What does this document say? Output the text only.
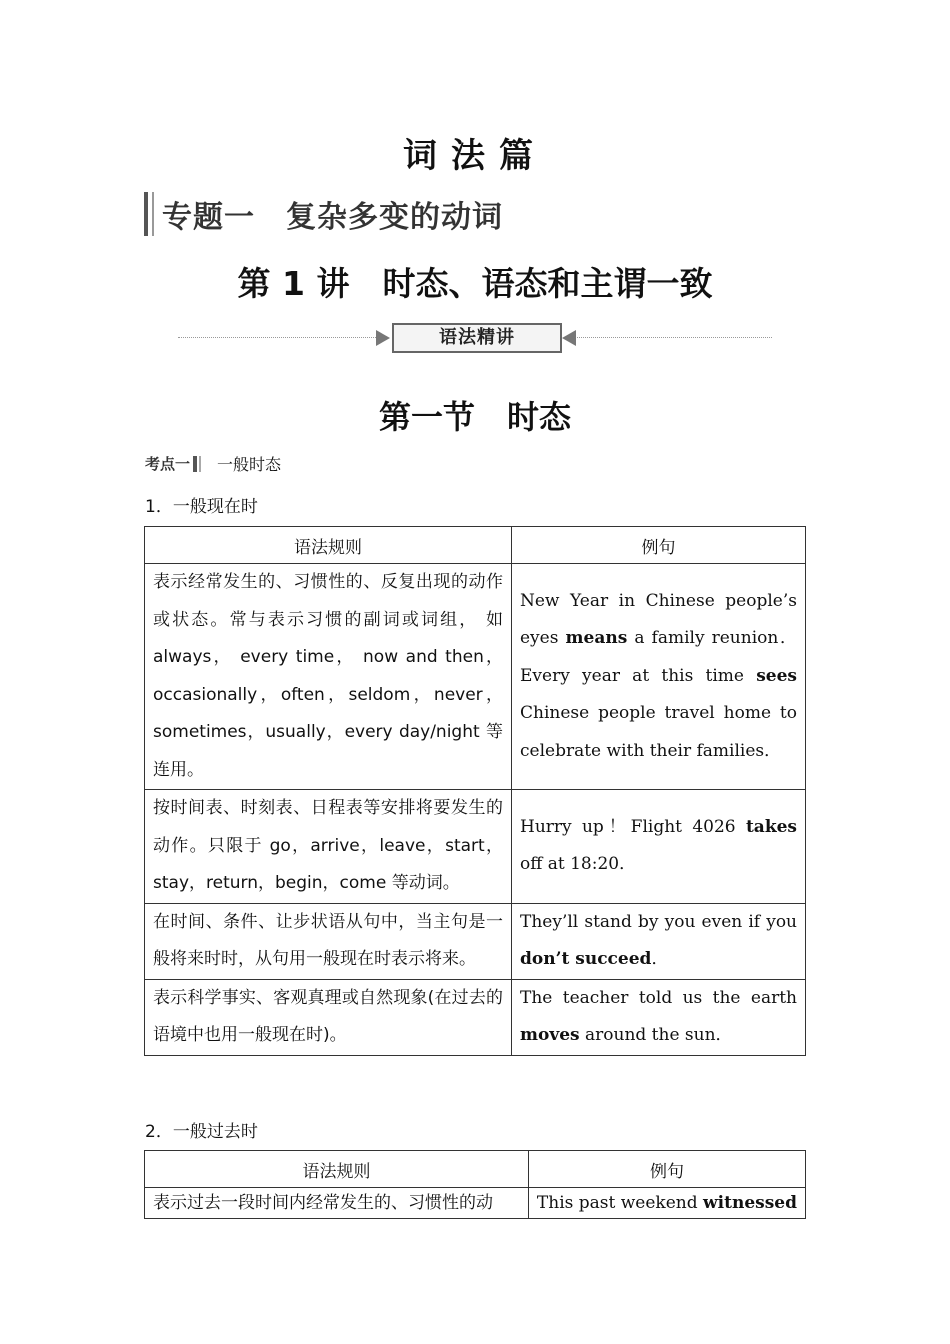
词法篇
专题一　复杂多变的动词
第 1 讲　时态、语态和主谓一致
语法精讲
第一节　时态
考点一 一般时态
1．一般现在时
语法规则	例句
表示经常发生的、习惯性的、反复出现的动作或状态。常与表示习惯的副词或词组， 如 always， every time， now and then，occasionally，often，seldom，never，sometimes，usually，every day/night 等连用。	New Year in Chinese people’s eyes means a family reunion． Every year at this time sees Chinese people travel home to celebrate with their families．
按时间表、时刻表、日程表等安排将要发生的动作。只限于 go，arrive，leave，start，stay，return，begin，come 等动词。	Hurry up！Flight 4026 takes off at 18:20．
在时间、条件、让步状语从句中，当主句是一般将来时时，从句用一般现在时表示将来。	They’ll stand by you even if you don’t succeed．
表示科学事实、客观真理或自然现象(在过去的语境中也用一般现在时)。	The teacher told us the earth moves around the sun．
2．一般过去时
语法规则	例句
表示过去一段时间内经常发生的、习惯性的动	This past weekend witnessed
